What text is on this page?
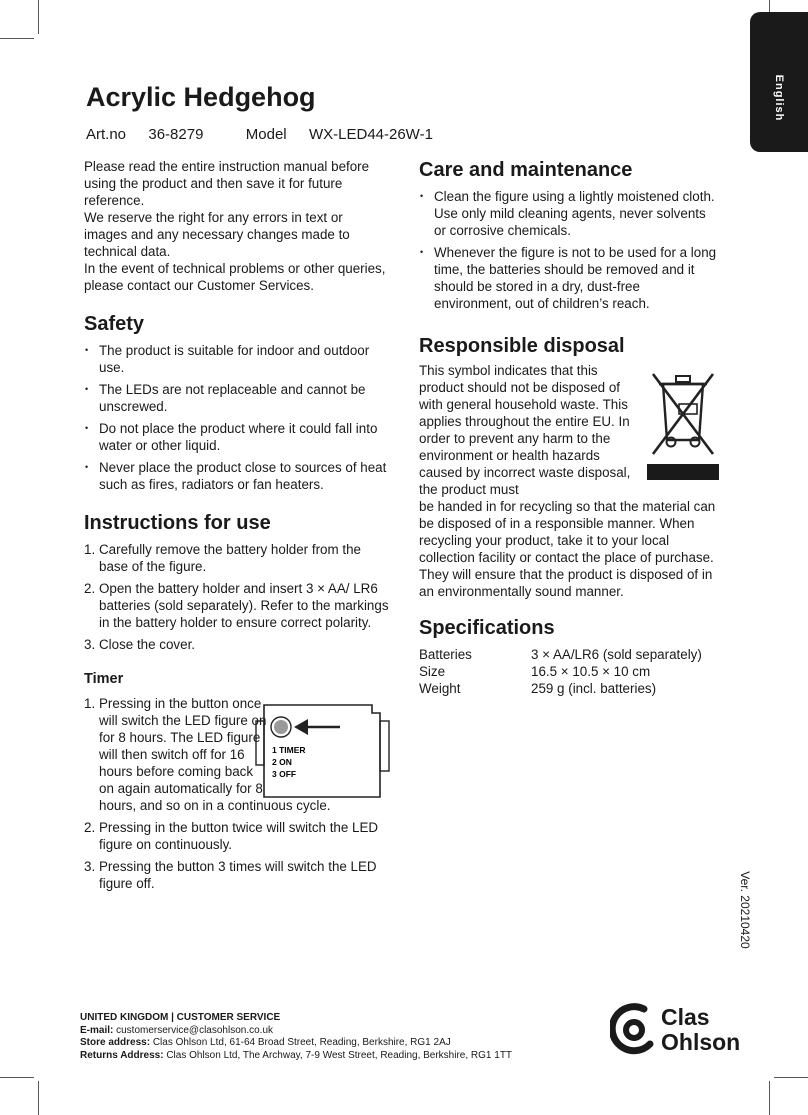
English
Acrylic Hedgehog
Art.no 36-8279	Model WX-LED44-26W-1

Please read the entire instruction manual before using the product and then save it for future reference.

We reserve the right for any errors in text or images and any necessary changes made to technical data.

In the event of technical problems or other queries, please contact our Customer Services.

Safety
• The product is suitable for indoor and outdoor use.
• The LEDs are not replaceable and cannot be unscrewed.
• Do not place the product where it could fall into water or other liquid.
• Never place the product close to sources of heat such as fires, radiators or fan heaters.
Instructions for use
1. Carefully remove the battery holder from the base of the figure.
2. Open the battery holder and insert 3 × AA/ LR6 batteries (sold separately). Refer to the markings in the battery holder to ensure correct polarity.
3. Close the cover.
Timer
1. Pressing in the button once will switch the LED figure on for 8 hours. The LED figure will then switch off for 16 hours before coming back on again automatically for 8
hours, and so on in a continuous cycle.
2. Pressing in the button twice will switch the LED figure on continuously.
3. Pressing the button 3 times will switch the LED figure off.
1 TIMER
2 ON
3 OFF
Care and maintenance
• Clean the figure using a lightly moistened cloth. Use only mild cleaning agents, never solvents or corrosive chemicals.
• Whenever the figure is not to be used for a long time, the batteries should be removed and it should be stored in a dry, dust-free environment, out of children’s reach.
Responsible disposal

This symbol indicates that this product should not be disposed of with general household waste. This applies throughout the entire EU. In order to prevent any harm to the environment or health hazards caused by incorrect waste disposal, the product must

be handed in for recycling so that the material can be disposed of in a responsible manner. When recycling your product, take it to your local collection facility or contact the place of purchase. They will ensure that the product is disposed of in an environmentally sound manner.

Specifications
Batteries	3 × AA/LR6 (sold separately)
Size	16.5 × 10.5 × 10 cm
Weight	259 g (incl. batteries)
Ver. 20210420
UNITED KINGDOM | CUSTOMER SERVICE
E-mail: customerservice@clasohlson.co.uk
Store address: Clas Ohlson Ltd, 61-64 Broad Street, Reading, Berkshire, RG1 2AJ
Returns Address: Clas Ohlson Ltd, The Archway, 7-9 West Street, Reading, Berkshire, RG1 1TT
Clas
Ohlson
